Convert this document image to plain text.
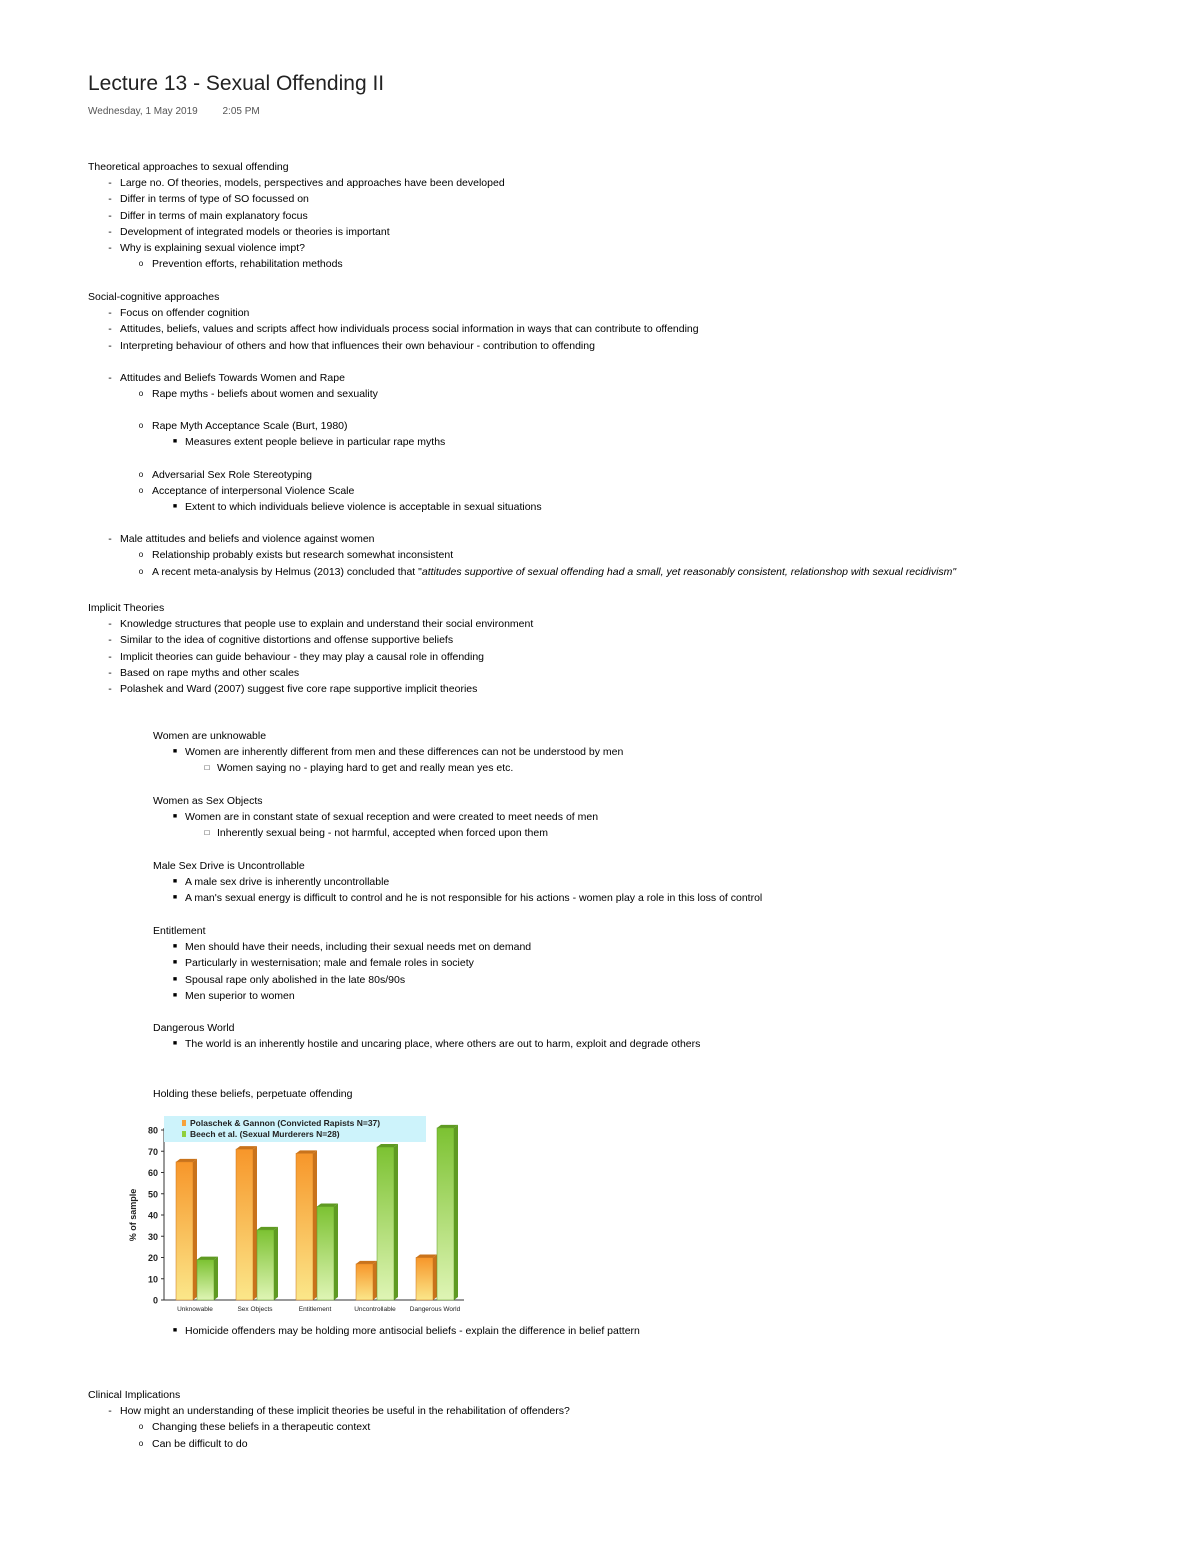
Lecture 13 - Sexual Offending II
Wednesday, 1 May 2019 2:05 PM
Theoretical approaches to sexual offending
- Large no. Of theories, models, perspectives and approaches have been developed
- Differ in terms of type of SO focussed on
- Differ in terms of main explanatory focus
- Development of integrated models or theories is important
- Why is explaining sexual violence impt?
o Prevention efforts, rehabilitation methods
Social-cognitive approaches
- Focus on offender cognition
- Attitudes, beliefs, values and scripts affect how individuals process social information in ways that can contribute to offending
- Interpreting behaviour of others and how that influences their own behaviour - contribution to offending
- Attitudes and Beliefs Towards Women and Rape
o Rape myths - beliefs about women and sexuality
o Rape Myth Acceptance Scale (Burt, 1980)
■ Measures extent people believe in particular rape myths
o Adversarial Sex Role Stereotyping
o Acceptance of interpersonal Violence Scale
■ Extent to which individuals believe violence is acceptable in sexual situations
- Male attitudes and beliefs and violence against women
o Relationship probably exists but research somewhat inconsistent
o A recent meta-analysis by Helmus (2013) concluded that "attitudes supportive of sexual offending had a small, yet reasonably consistent, relationshop with sexual recidivism"
Implicit Theories
- Knowledge structures that people use to explain and understand their social environment
- Similar to the idea of cognitive distortions and offense supportive beliefs
- Implicit theories can guide behaviour - they may play a causal role in offending
- Based on rape myths and other scales
- Polashek and Ward (2007) suggest five core rape supportive implicit theories
Women are unknowable
■ Women are inherently different from men and these differences can not be understood by men
□ Women saying no - playing hard to get and really mean yes etc.
Women as Sex Objects
■ Women are in constant state of sexual reception and were created to meet needs of men
□ Inherently sexual being - not harmful, accepted when forced upon them
Male Sex Drive is Uncontrollable
■ A male sex drive is inherently uncontrollable
■ A man's sexual energy is difficult to control and he is not responsible for his actions - women play a role in this loss of control
Entitlement
■ Men should have their needs, including their sexual needs met on demand
■ Particularly in westernisation; male and female roles in society
■ Spousal rape only abolished in the late 80s/90s
■ Men superior to women
Dangerous World
■ The world is an inherently hostile and uncaring place, where others are out to harm, exploit and degrade others
Holding these beliefs, perpetuate offending
0
10
20
30
40
50
60
70
80
% of sample
Unknowable	Sex Objects	Entitlement	Uncontrollable Dangerous World
Polaschek & Gannon (Convicted Rapists N=37)
Beech et al. (Sexual Murderers N=28)
■ Homicide offenders may be holding more antisocial beliefs - explain the difference in belief pattern
Clinical Implications
- How might an understanding of these implicit theories be useful in the rehabilitation of offenders?
o Changing these beliefs in a therapeutic context
o Can be difficult to do
